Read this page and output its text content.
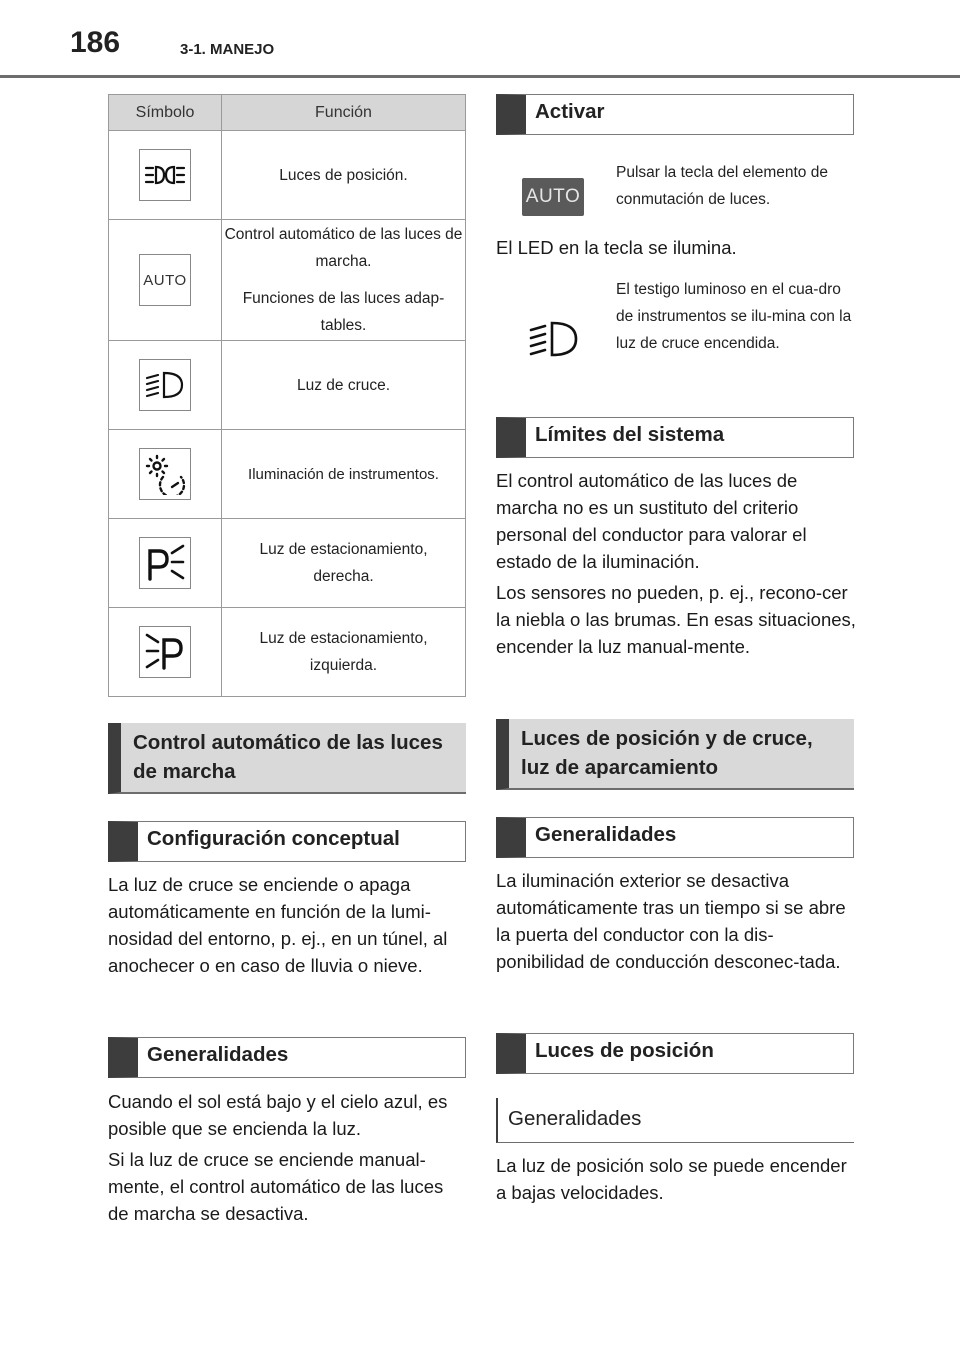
186	3-1. MANEJO
Símbolo	Función

Luces de posición.

AUTO	Control automático de las luces de marcha.

Funciones de las luces adap-tables.

Luz de cruce.

Iluminación de instrumentos.

Luz de estacionamiento, derecha.

Luz de estacionamiento, izquierda.

Control automático de las luces de marcha
Configuración conceptual
La luz de cruce se enciende o apaga automáticamente en función de la lumi-nosidad del entorno, p. ej., en un túnel, al anochecer o en caso de lluvia o nieve.
Generalidades
Cuando el sol está bajo y el cielo azul, es posible que se encienda la luz.
Si la luz de cruce se enciende manual-mente, el control automático de las luces de marcha se desactiva.
Activar
AUTO
Pulsar la tecla del elemento de conmutación de luces.
El LED en la tecla se ilumina.
El testigo luminoso en el cua-dro de instrumentos se ilu-mina con la luz de cruce encendida.
Límites del sistema
El control automático de las luces de marcha no es un sustituto del criterio personal del conductor para valorar el estado de la iluminación.
Los sensores no pueden, p. ej., recono-cer la niebla o las brumas. En esas situaciones, encender la luz manual-mente.
Luces de posición y de cruce, luz de aparcamiento
Generalidades
La iluminación exterior se desactiva automáticamente tras un tiempo si se abre la puerta del conductor con la dis-ponibilidad de conducción desconec-tada.
Luces de posición
Generalidades
La luz de posición solo se puede encender a bajas velocidades.
